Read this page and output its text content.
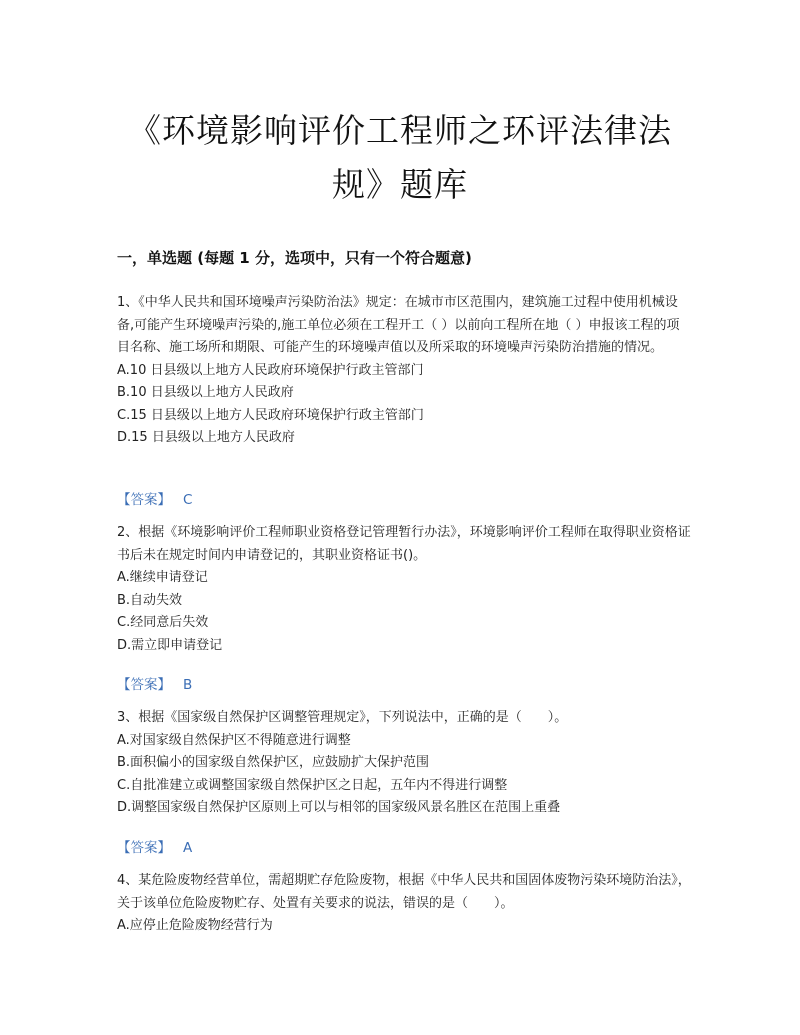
《环境影响评价工程师之环评法律法
规》题库
一，单选题 (每题 1 分，选项中，只有一个符合题意)

1、《中华人民共和国环境噪声污染防治法》规定：在城市市区范围内，建筑施工过程中使用机械设备,可能产生环境噪声污染的,施工单位必须在工程开工（ ）以前向工程所在地（ ）申报该工程的项目名称、施工场所和期限、可能产生的环境噪声值以及所采取的环境噪声污染防治措施的情况。

A.10 日县级以上地方人民政府环境保护行政主管部门

B.10 日县级以上地方人民政府

C.15 日县级以上地方人民政府环境保护行政主管部门

D.15 日县级以上地方人民政府

【答案】 C

2、根据《环境影响评价工程师职业资格登记管理暂行办法》，环境影响评价工程师在取得职业资格证书后未在规定时间内申请登记的，其职业资格证书()。

A.继续申请登记

B.自动失效

C.经同意后失效

D.需立即申请登记

【答案】 B

3、根据《国家级自然保护区调整管理规定》，下列说法中，正确的是（　　）。

A.对国家级自然保护区不得随意进行调整

B.面积偏小的国家级自然保护区，应鼓励扩大保护范围

C.自批准建立或调整国家级自然保护区之日起，五年内不得进行调整

D.调整国家级自然保护区原则上可以与相邻的国家级风景名胜区在范围上重叠

【答案】 A

4、某危险废物经营单位，需超期贮存危险废物，根据《中华人民共和国固体废物污染环境防治法》，关于该单位危险废物贮存、处置有关要求的说法，错误的是（　　）。

A.应停止危险废物经营行为
